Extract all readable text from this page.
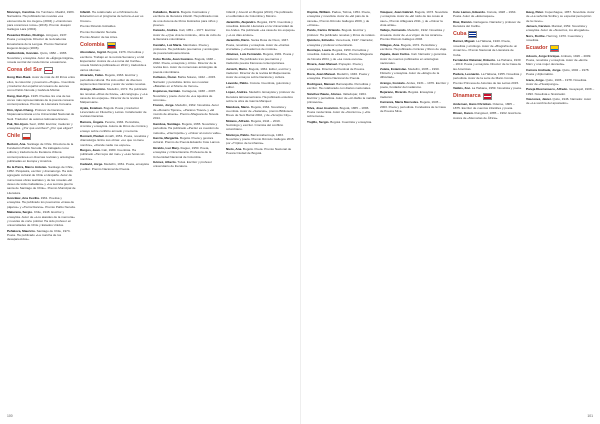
Moncayo, Carolina. De Tumbaco. Madrid, 1983. Narradora. Ha publicado las novelas «La elocuencia de los ciegos» (2004) y «Canciones para corazones rotos» (2016). Premio Joaquín Gallegos Lara (2004).

Pesantez Rodas, Rodrigo. Azogues, 1937. Poeta y ensayista. Director de la Academia Ecuatoriana de la Lengua. Premio Nacional Eugenio Espejo (2006).

Zaldumbide, Gonzalo. Quito, 1882 – 1965. Novelista y ensayista. Autor de «Égloga trágica», novela central del modernismo ecuatoriano.

Corea del Sur

Hong Man-Baek. Autor de más de 40 libros entre ellos, la colección y poemario «Hojas». Cuentista y traductor del español al coreano de autores como Pablo Neruda y Gabriela Mistral.

Kang, Eun-Kyo. 1945. Poetisa. Es una de las voces más representativas de la poesía coreana contemporánea. Premio de Literatura Coreana.

Kim, Hyun-Chang. Profesor de literatura hispanoamericana en la Universidad Nacional de Seúl. Traductor de autores latinoamericanos.

Pak, Sin-Hyun. Seúl, 1960. Escritor, traductor y ensayista. ¿Por qué escribes? ¿Por qué eliges?

Chile

Bertoni, Ana. Santiago de Chile. Directora de la Fundación Pablo Neruda. Ha trabajado como editora y traductora de literatura chilena contemporánea en diversas revistas y antologías publicadas en Europa y América.

De la Parra, Marco Antonio. Santiago de Chile, 1952. Psiquiatra, escritor y dramaturgo. Ha sido agregado cultural de Chile en España. Autor de numerosas obras teatrales y de las novelas «El deseo de toda ciudadana» y «La secreta guerra santa de Santiago de Chile». Premio Municipal de Literatura.

González, Ana Cecilia. 1961. Poetisa y ensayista. Ha publicado los poemarios «Casa de pájaros» y «Tierra blanca». Premio Pablo Neruda.

Maturana, Sergio. Chile, 1948. Escritor y ensayista. Autor de «Los ataúdes de la memoria» y novelas de corte policial. Ha sido profesor en universidades de Chile y Estados Unidos.

Peñaloza, Mauricio. Santiago de Chile, 1973. Poeta. Ha publicado «La marcha de los desaparecidos».

Infantil. Ha colaborado en el Ministerio de Educación en el programa de lectura «Leer es Crecer».

Premio Ricardo Güiraldes.

Premio Fundación Neruda.

Premio Altazor de las Artes.

Colombia

Abondano, Ingrid. Bogotá, 1976. Periodista y escritora. Trabajó en la revista Semana y en El Espectador. Autora de «La reina del Caribe», novela histórica publicada en 2014 y traducida a varios idiomas.

Alvarado, Fabio. Bogotá, 1963. Escritor y periodista cultural. Ha sido editor de diversos suplementos literarios y autor de varias novelas.

Arango, Mauricio. Medellín, 1972. Ha publicado las novelas «Días de lluvia», «El cangrejo» y «La casa de los espejos». Director de la revista El Malpensante.

Ayala, Esteban. Bogotá. Poeta y traductor. Licenciado en Filosofía y Letras. Colaborador de revistas literarias.

Barrera, Ángela. Pereira, 1984. Periodista, cronista y ensayista. Autora de libros de crónica y ensayo sobre conflicto armado y memoria.

Bonnett, Piedad. Amalfi, 1951. Poeta, novelista y dramaturga. Entre sus obras: «Lo que no tiene nombre», «Donde nadie me espere».

Burgos, Juan. Cali, 1980. Cuentista. Ha publicado «Tan lejos del mar» y «Las horas sin nombre».

Cadavid, Jorge. Medellín, 1961. Poeta, ensayista y editor. Premio Nacional de Poesía.

Caballero, Beatriz. Bogotá. Ilustradora y escritora de literatura infantil. Ha publicado más de una docena de libros ilustrados para niños y jóvenes.

Caicedo, Andrés. Cali, 1951 – 1977. Escritor. Autor de «¡Que viva la música!», obra de culto de la literatura colombiana.

Castaño, Luz María. Manizales. Poeta y profesora. Ha publicado poemarios y antologías de poesía latinoamericana.

Cobo Borda, Juan Gustavo. Bogotá, 1948 – 2022. Poeta, ensayista y crítico. Director de la revista Eco. Autor de numerosas antologías de poesía colombiana.

Collazos, Óscar. Bahía Solano, 1942 – 2015. Narrador y periodista. Entre sus novelas: «Batallas en el Monte de Venus».

Espinosa, Germán. Cartagena, 1938 – 2007. Novelista y poeta. Autor de «La tejedora de coronas».

Franco, Jorge. Medellín, 1962. Novelista. Autor de «Rosario Tijeras», «Paraíso Travel» y «El mundo de afuera». Premio Alfaguara de Novela 2014.

Gamboa, Santiago. Bogotá, 1965. Novelista y periodista. Ha publicado «Perder es cuestión de método», «Necrópolis» y «Volver al oscuro valle».

García, Margarita. Bogotá. Poeta y gestora cultural. Premio de Poesía Eduardo Cote Lamus.

Giraldo, Luz Mary. Ibagué, 1950. Poeta, ensayista y crítica literaria. Profesora de la Universidad Nacional de Colombia.

Gómez, Alberto. Tuluá. Escritor y profesor universitario de literatura.

Infantil y Juvenil en Bogotá (2013). Ha publicado en editoriales de Colombia y México.

Jaramillo, Alejandro. Bogotá, 1970. Cuentista y novelista. Estudió Literatura en la Universidad de los Andes. Ha publicado «La casa de los espejos» y «Los días azules».

Jaramillo, Darío. Santa Rosa de Osos, 1947. Poeta, novelista y ensayista. Autor de «Cartas cruzadas» y «Cuadernos de música».

Jiménez, Luis Fernando. Bogotá, 1981. Poeta y traductor. Ha publicado tres poemarios y traducido poesía francesa contemporánea.

Jursich, Mario. Bogotá, 1964. Editor, escritor y traductor. Director de la revista El Malpensante. Autor de ensayos sobre literatura y cultura.

Laverde, Pablo. Cúcuta. Cuentista, guionista y editor.

López, Andrés. Medellín. Ensayista y profesor de literatura latinoamericana. Ha publicado estudios sobre la obra de García Márquez.

Mendoza, Mario. Bogotá, 1964. Novelista y cuentista. Autor de «Satanás», premio Biblioteca Breve de Seix Barral 2002, y de «Scorpio City».

Molano, Alfredo. Bogotá, 1944 – 2019. Sociólogo y escritor. Cronista del conflicto colombiano.

Montoya, Pablo. Barrancabermeja, 1963. Novelista y poeta. Premio Rómulo Gallegos 2015 por «Tríptico de la infamia».

Nieto, Ana. Bogotá. Poeta. Premio Nacional de Poesía Ciudad de Bogotá.

100

Ospina, William. Padua, Tolima, 1954. Poeta, ensayista y novelista. Autor de «El país de la canela», Premio Rómulo Gallegos 2009, y de «Ursúa».

Pardo, Carlos Orlando. Bogotá. Escritor y profesor. Ha publicado novelas y libros de relatos.

Quintero, Ednodio. Venezuela, 1947. Narrador, ensayista y profesor universitario.

Restrepo, Laura. Bogotá, 1950. Periodista y novelista. Autora de «Delirio», Premio Alfaguara de Novela 2004, y de «La novia oscura».

Rivera, Juan Manuel. Popayán. Poeta y ensayista. Director del Festival de Poesía.

Roca, Juan Manuel. Medellín, 1946. Poeta y ensayista. Premio Nacional de Poesía.

Rodríguez, Manuel. Barranquilla. Periodista y escritor. Ha colaborado con diarios nacionales.

Sánchez Baute, Alonso. Valledupar, 1964. Escritor y periodista. Autor de «Al diablo la maldita primavera».

Silva, José Asunción. Bogotá, 1865 – 1896. Poeta modernista. Autor de «Nocturno» y «De sobremesa».

Trujillo, Sergio. Bogotá. Cuentista y ensayista.

Vásquez, Juan Gabriel. Bogotá, 1973. Novelista y ensayista. Autor de «El ruido de las cosas al caer», Premio Alfaguara 2011, y de «Volver la vista atrás».

Vallejo, Fernando. Medellín, 1942. Novelista y cineasta. Autor de «La virgen de los sicarios». Premio Rómulo Gallegos 2003.

Villegas, Ana. Bogotá, 1972. Periodista y escritora. Ha publicado crónicas y libros de viaje.

Zapata, Juan Carlos. Cali. Narrador y guionista. Autor de cuentos publicados en antologías nacionales.

Zuleta, Estanislao. Medellín, 1935 – 1990. Filósofo y ensayista. Autor de «Elogio de la dificultad».

Arango, Gonzalo. Andes, 1931 – 1976. Escritor y poeta, fundador del nadaísmo.

Bejarano, Ricardo. Bogotá. Ensayista y traductor.

Carranza, María Mercedes. Bogotá, 1945 – 2003. Poeta y periodista. Fundadora de la Casa de Poesía Silva.

Cote Lamus, Eduardo. Cúcuta, 1928 – 1964. Poeta. Autor de «Estoraques».

Díaz, Ramón. Cartagena. Narrador y profesor de literatura del Caribe.

Cuba

Barnet, Miguel. La Habana, 1940. Poeta, novelista y etnólogo. Autor de «Biografía de un cimarrón». Premio Nacional de Literatura de Cuba.

Fernández Retamar, Roberto. La Habana, 1930 – 2019. Poeta y ensayista. Director de la Casa de las Américas.

Padura, Leonardo. La Habana, 1955. Novelista y periodista. Autor de la serie de Mario Conde. Premio Princesa de Asturias de las Letras 2015.

Valdés, Zoé. La Habana, 1959. Novelista y poeta.

Dinamarca

Andersen, Hans Christian. Odense, 1805 – 1875. Escritor de cuentos infantiles y poeta.

Blixen, Karen. Rungsted, 1885 – 1962. Escritora. Autora de «Memorias de África».

Høeg, Peter. Copenhague, 1957. Novelista. Autor de «La señorita Smilla y su especial percepción de la nieve».

Jensen, Carsten. Marstal, 1952. Novelista y ensayista. Autor de «Nosotros, los ahogados».

Nors, Dorthe. Herning, 1970. Cuentista y novelista.

Ecuador

Adoum, Jorge Enrique. Ambato, 1926 – 2009. Poeta, novelista y ensayista. Autor de «Entre Marx y una mujer desnuda».

Carrera Andrade, Jorge. Quito, 1902 – 1978. Poeta y diplomático.

Icaza, Jorge. Quito, 1906 – 1978. Novelista. Autor de «Huasipungo».

Pareja Diezcanseco, Alfredo. Guayaquil, 1908 – 1993. Novelista e historiador.

Vásconez, Javier. Quito, 1946. Narrador. Autor de «La sombra del apostador».

101
